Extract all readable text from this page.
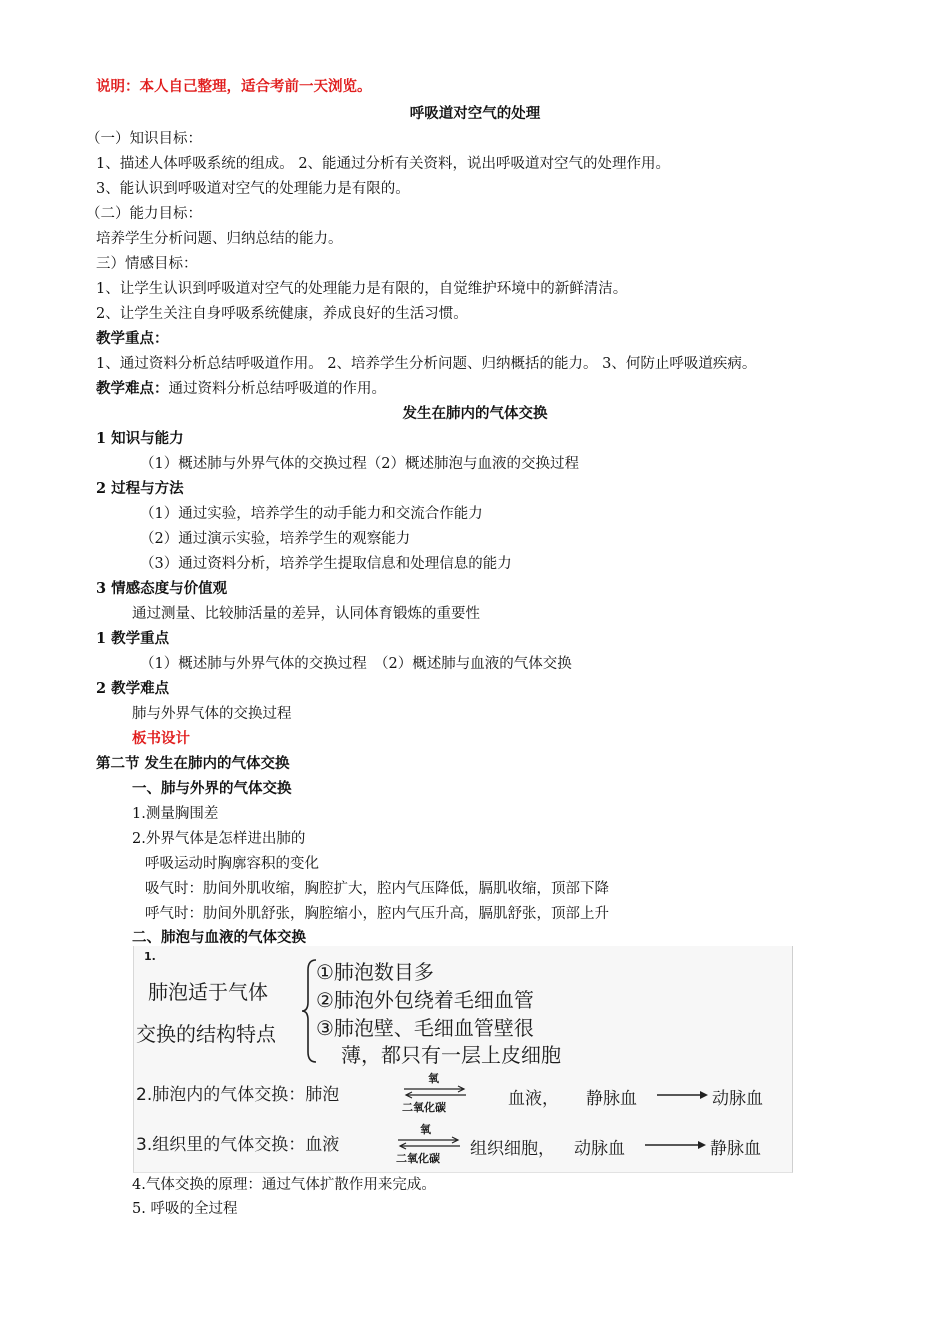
说明：本人自己整理，适合考前一天浏览。
呼吸道对空气的处理
（一）知识目标：
1、描述人体呼吸系统的组成。 2、能通过分析有关资料，说出呼吸道对空气的处理作用。
3、能认识到呼吸道对空气的处理能力是有限的。
（二）能力目标：
培养学生分析问题、归纳总结的能力。
三）情感目标：
1、让学生认识到呼吸道对空气的处理能力是有限的，自觉维护环境中的新鲜清洁。
2、让学生关注自身呼吸系统健康，养成良好的生活习惯。
教学重点：
1、通过资料分析总结呼吸道作用。 2、培养学生分析问题、归纳概括的能力。 3、何防止呼吸道疾病。
教学难点：通过资料分析总结呼吸道的作用。
发生在肺内的气体交换
1 知识与能力
（1）概述肺与外界气体的交换过程（2）概述肺泡与血液的交换过程
2 过程与方法
（1）通过实验，培养学生的动手能力和交流合作能力
（2）通过演示实验，培养学生的观察能力
（3）通过资料分析，培养学生提取信息和处理信息的能力
3 情感态度与价值观
通过测量、比较肺活量的差异，认同体育锻炼的重要性
1 教学重点
（1）概述肺与外界气体的交换过程　（2）概述肺与血液的气体交换
2 教学难点
肺与外界气体的交换过程
板书设计
第二节 发生在肺内的气体交换
一、肺与外界的气体交换
1.测量胸围差
2.外界气体是怎样进出肺的
呼吸运动时胸廓容积的变化
吸气时：肋间外肌收缩，胸腔扩大，腔内气压降低，膈肌收缩，顶部下降
呼气时：肋间外肌舒张，胸腔缩小，腔内气压升高，膈肌舒张，顶部上升
二、肺泡与血液的气体交换
1.
肺泡适于气体
交换的结构特点
①肺泡数目多
②肺泡外包绕着毛细血管
③肺泡壁、毛细血管壁很
薄，都只有一层上皮细胞
2.肺泡内的气体交换：肺泡
氧
二氧化碳	血液， 静脉血	动脉血
3.组织里的气体交换：血液
氧
二氧化碳 组织细胞， 动脉血	静脉血
4.气体交换的原理：通过气体扩散作用来完成。
5. 呼吸的全过程
